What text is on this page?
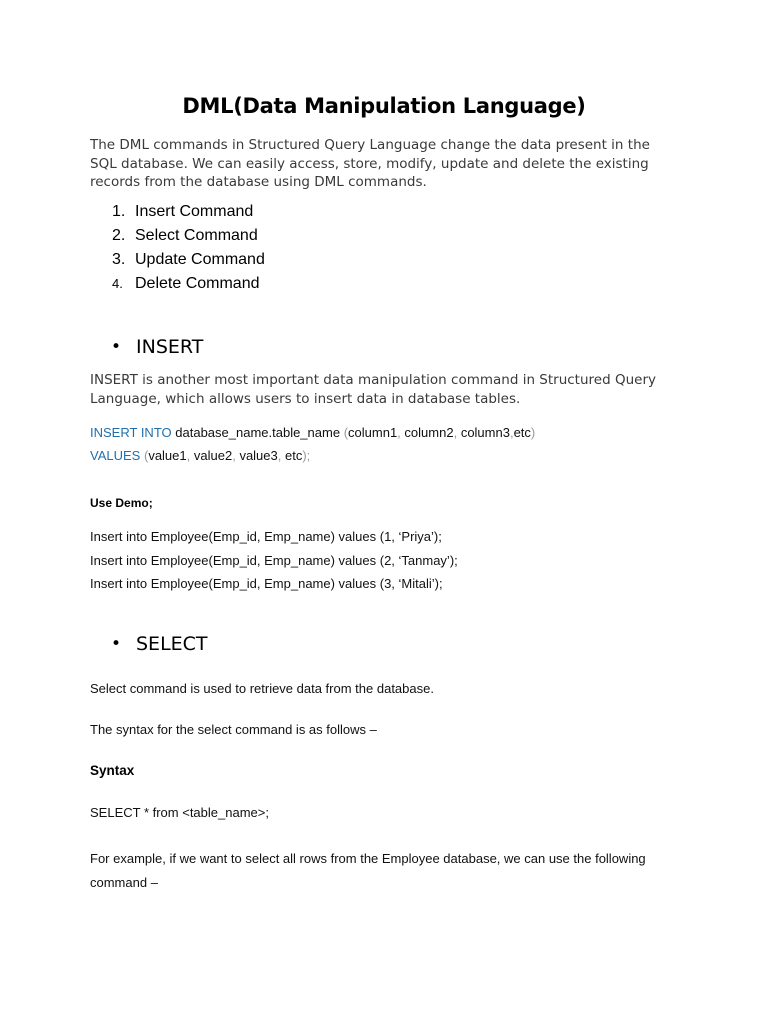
DML(Data Manipulation Language)

The DML commands in Structured Query Language change the data present in the SQL database. We can easily access, store, modify, update and delete the existing records from the database using DML commands.

1. Insert Command
2. Select Command
3. Update Command
4. Delete Command
• INSERT

INSERT is another most important data manipulation command in Structured Query Language, which allows users to insert data in database tables.

INSERT INTO database_name.table_name (column1, column2, column3,etc)
VALUES (value1, value2, value3, etc);
Use Demo;
Insert into Employee(Emp_id, Emp_name) values (1, ‘Priya’);
Insert into Employee(Emp_id, Emp_name) values (2, ‘Tanmay’);
Insert into Employee(Emp_id, Emp_name) values (3, ‘Mitali’);
• SELECT
Select command is used to retrieve data from the database.
The syntax for the select command is as follows –
Syntax
SELECT * from <table_name>;

For example, if we want to select all rows from the Employee database, we can use the following command –
